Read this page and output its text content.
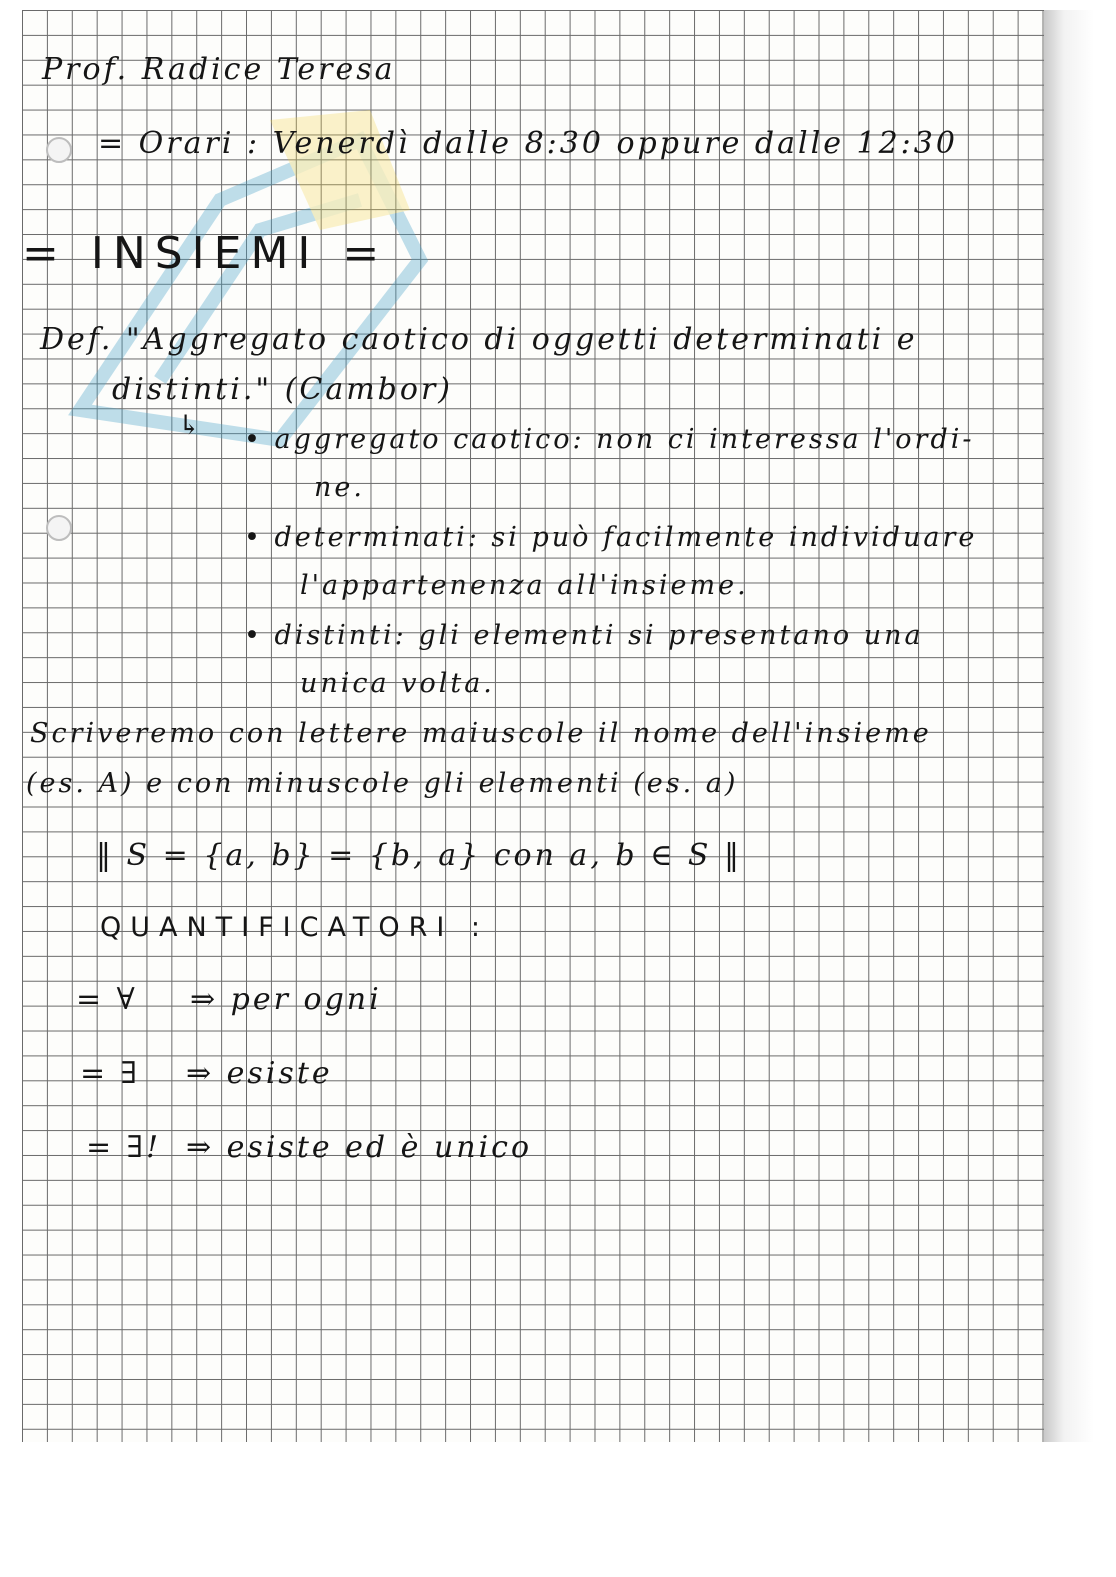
Prof. Radice Teresa
= Orari : Venerdì dalle 8:30 oppure dalle 12:30
= INSIEMI =
Def. "Aggregato caotico di oggetti determinati e
distinti." (Cambor)
↳ • aggregato caotico: non ci interessa l'ordi-
ne.
• determinati: si può facilmente individuare
l'appartenenza all'insieme.
• distinti: gli elementi si presentano una
unica volta.
Scriveremo con lettere maiuscole il nome dell'insieme
(es. A) e con minuscole gli elementi (es. a)
‖ S = {a, b} = {b, a} con a, b ∈ S ‖
QUANTIFICATORI :
= ∀ ⇒ per ogni
= ∃ ⇒ esiste
= ∃! ⇒ esiste ed è unico
